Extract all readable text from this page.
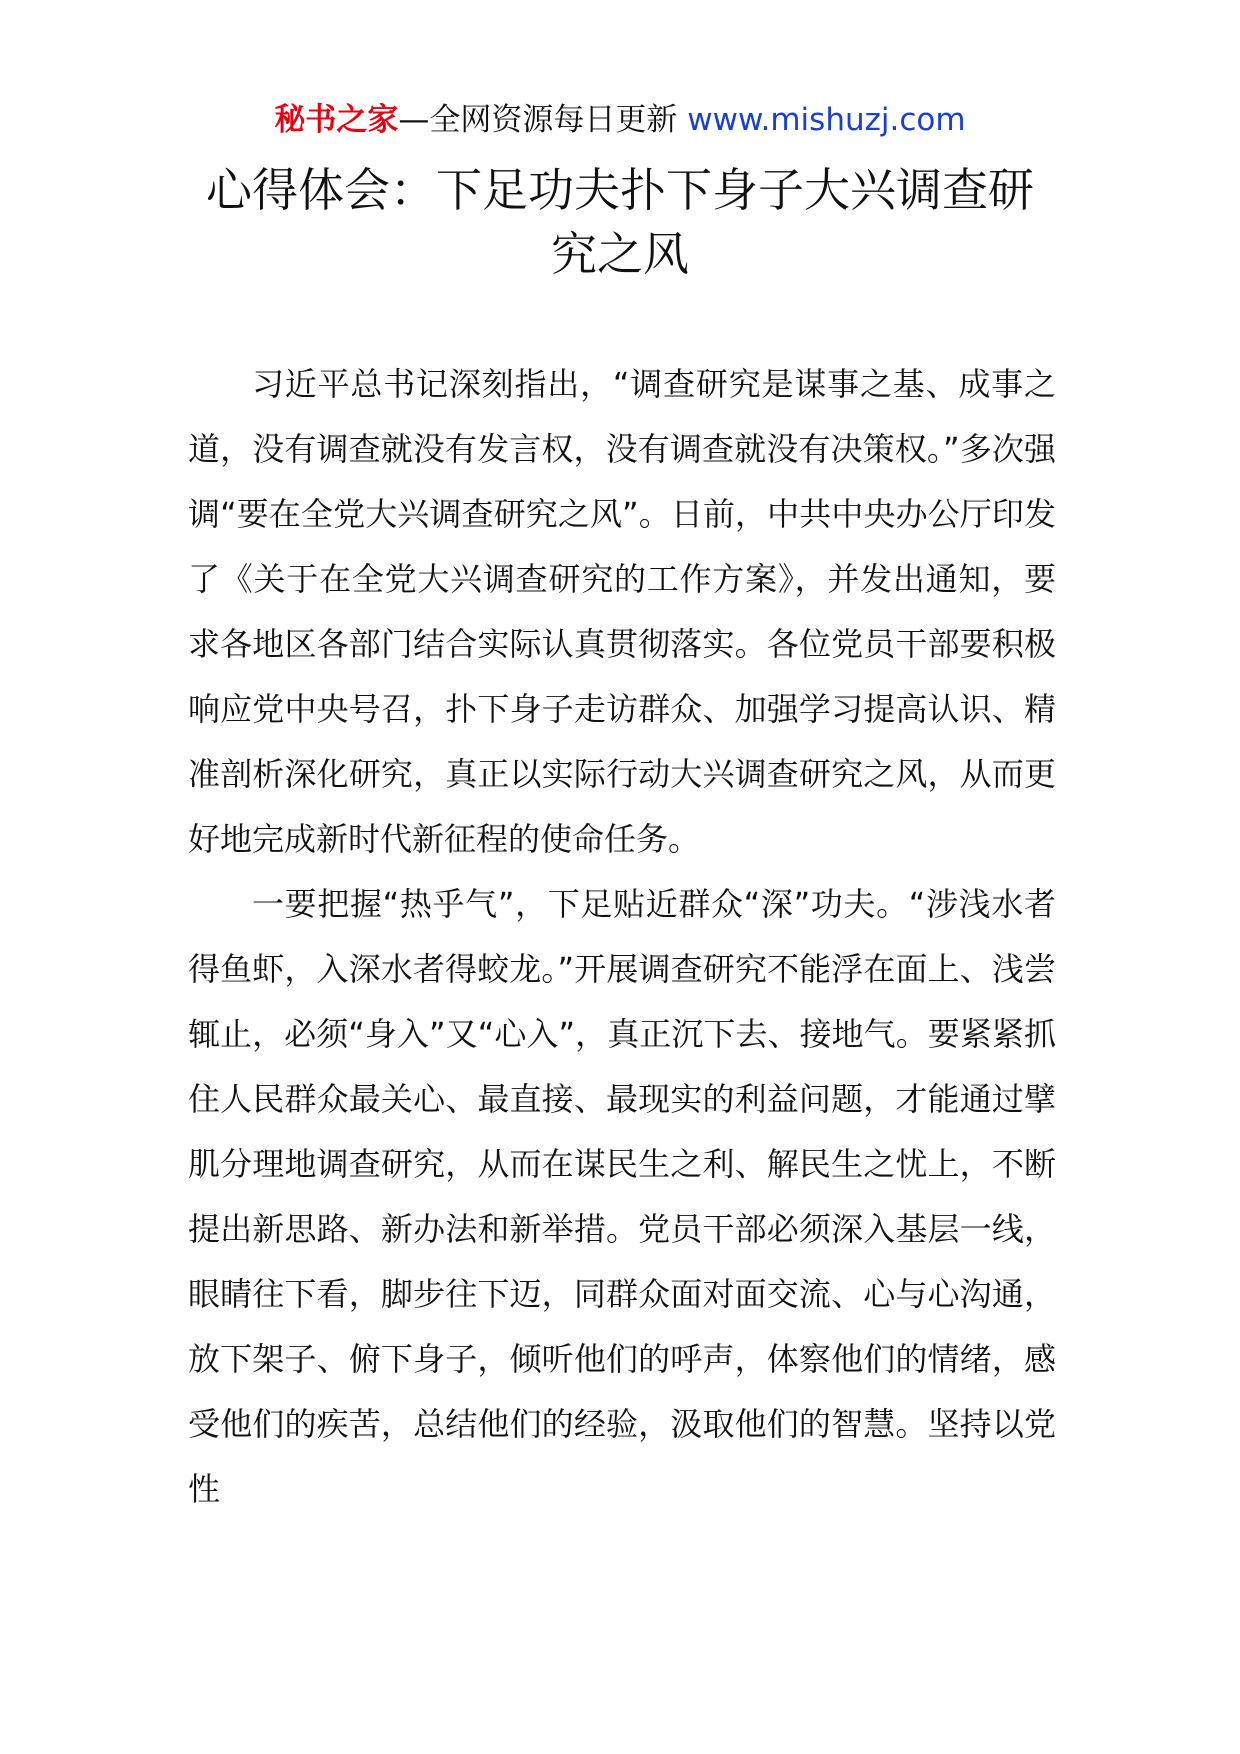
秘书之家—全网资源每日更新 www.mishuzj.com
心得体会：下足功夫扑下身子大兴调查研
究之风

习近平总书记深刻指出，“调查研究是谋事之基、成事之道，没有调查就没有发言权，没有调查就没有决策权。”多次强调“要在全党大兴调查研究之风”。日前，中共中央办公厅印发了《关于在全党大兴调查研究的工作方案》，并发出通知，要求各地区各部门结合实际认真贯彻落实。各位党员干部要积极响应党中央号召，扑下身子走访群众、加强学习提高认识、精准剖析深化研究，真正以实际行动大兴调查研究之风，从而更好地完成新时代新征程的使命任务。

一要把握“热乎气”，下足贴近群众“深”功夫。“涉浅水者得鱼虾，入深水者得蛟龙。”开展调查研究不能浮在面上、浅尝辄止，必须“身入”又“心入”，真正沉下去、接地气。要紧紧抓住人民群众最关心、最直接、最现实的利益问题，才能通过擘肌分理地调查研究，从而在谋民生之利、解民生之忧上，不断提出新思路、新办法和新举措。党员干部必须深入基层一线，眼睛往下看，脚步往下迈，同群众面对面交流、心与心沟通，放下架子、俯下身子，倾听他们的呼声，体察他们的情绪，感受他们的疾苦，总结他们的经验，汲取他们的智慧。坚持以党性
